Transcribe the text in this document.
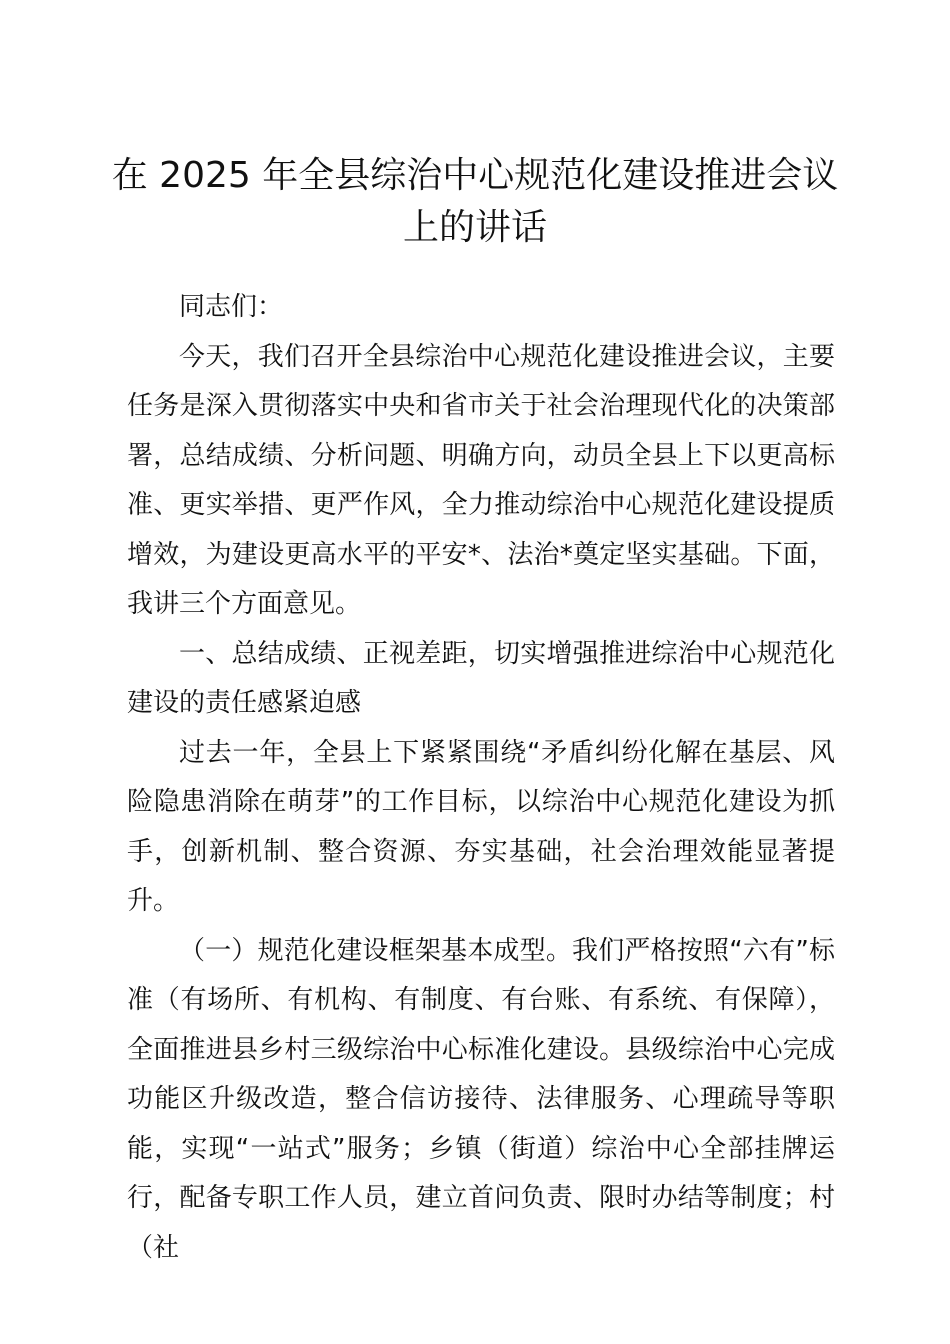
在 2025 年全县综治中心规范化建设推进会议上的讲话

同志们：

今天，我们召开全县综治中心规范化建设推进会议，主要任务是深入贯彻落实中央和省市关于社会治理现代化的决策部署，总结成绩、分析问题、明确方向，动员全县上下以更高标准、更实举措、更严作风，全力推动综治中心规范化建设提质增效，为建设更高水平的平安*、法治*奠定坚实基础。下面，我讲三个方面意见。

一、总结成绩、正视差距，切实增强推进综治中心规范化建设的责任感紧迫感

过去一年，全县上下紧紧围绕“矛盾纠纷化解在基层、风险隐患消除在萌芽”的工作目标，以综治中心规范化建设为抓手，创新机制、整合资源、夯实基础，社会治理效能显著提升。

（一）规范化建设框架基本成型。我们严格按照“六有”标准（有场所、有机构、有制度、有台账、有系统、有保障），全面推进县乡村三级综治中心标准化建设。县级综治中心完成功能区升级改造，整合信访接待、法律服务、心理疏导等职能，实现“一站式”服务；乡镇（街道）综治中心全部挂牌运行，配备专职工作人员，建立首问负责、限时办结等制度；村（社
